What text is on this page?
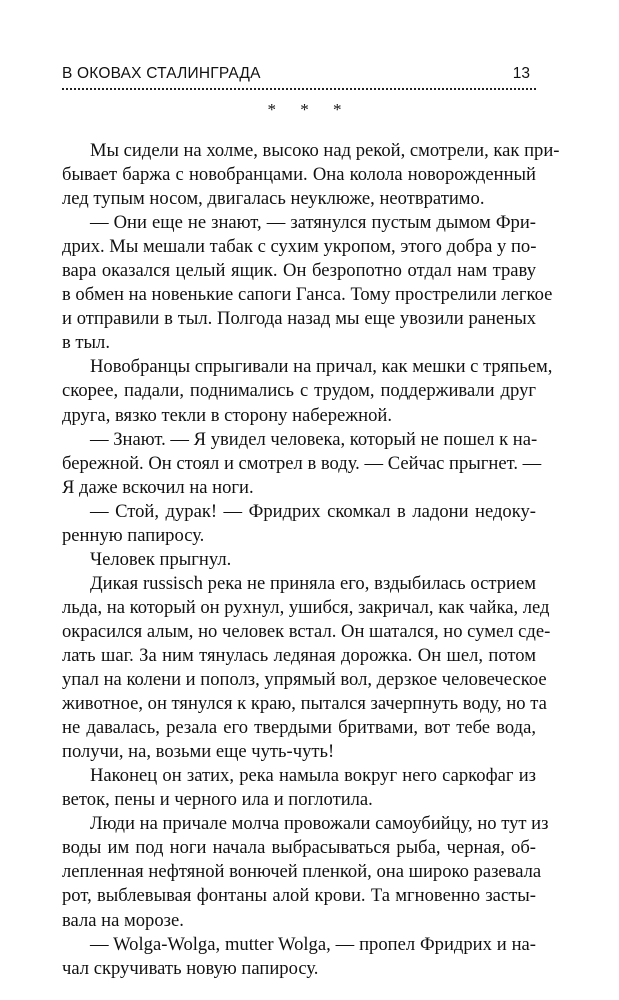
В ОКОВАХ СТАЛИНГРАДА	13
* * *
Мы сидели на холме, высоко над рекой, смотрели, как при-
бывает баржа с новобранцами. Она колола новорожденный
лед тупым носом, двигалась неуклюже, неотвратимо.
— Они еще не знают, — затянулся пустым дымом Фри-
дрих. Мы мешали табак с сухим укропом, этого добра у по-
вара оказался целый ящик. Он безропотно отдал нам траву
в обмен на новенькие сапоги Ганса. Тому прострелили легкое
и отправили в тыл. Полгода назад мы еще увозили раненых
в тыл.
Новобранцы спрыгивали на причал, как мешки с тряпьем,
скорее, падали, поднимались с трудом, поддерживали друг
друга, вязко текли в сторону набережной.
— Знают. — Я увидел человека, который не пошел к на-
бережной. Он стоял и смотрел в воду. — Сейчас прыгнет. —
Я даже вскочил на ноги.
— Стой, дурак! — Фридрих скомкал в ладони недоку-
ренную папиросу.
Человек прыгнул.
Дикая russisch река не приняла его, вздыбилась острием
льда, на который он рухнул, ушибся, закричал, как чайка, лед
окрасился алым, но человек встал. Он шатался, но сумел сде-
лать шаг. За ним тянулась ледяная дорожка. Он шел, потом
упал на колени и пополз, упрямый вол, дерзкое человеческое
животное, он тянулся к краю, пытался зачерпнуть воду, но та
не давалась, резала его твердыми бритвами, вот тебе вода,
получи, на, возьми еще чуть-чуть!
Наконец он затих, река намыла вокруг него саркофаг из
веток, пены и черного ила и поглотила.
Люди на причале молча провожали самоубийцу, но тут из
воды им под ноги начала выбрасываться рыба, черная, об-
лепленная нефтяной вонючей пленкой, она широко разевала
рот, выблевывая фонтаны алой крови. Та мгновенно засты-
вала на морозе.
— Wolga-Wolga, mutter Wolga, — пропел Фридрих и на-
чал скручивать новую папиросу.
